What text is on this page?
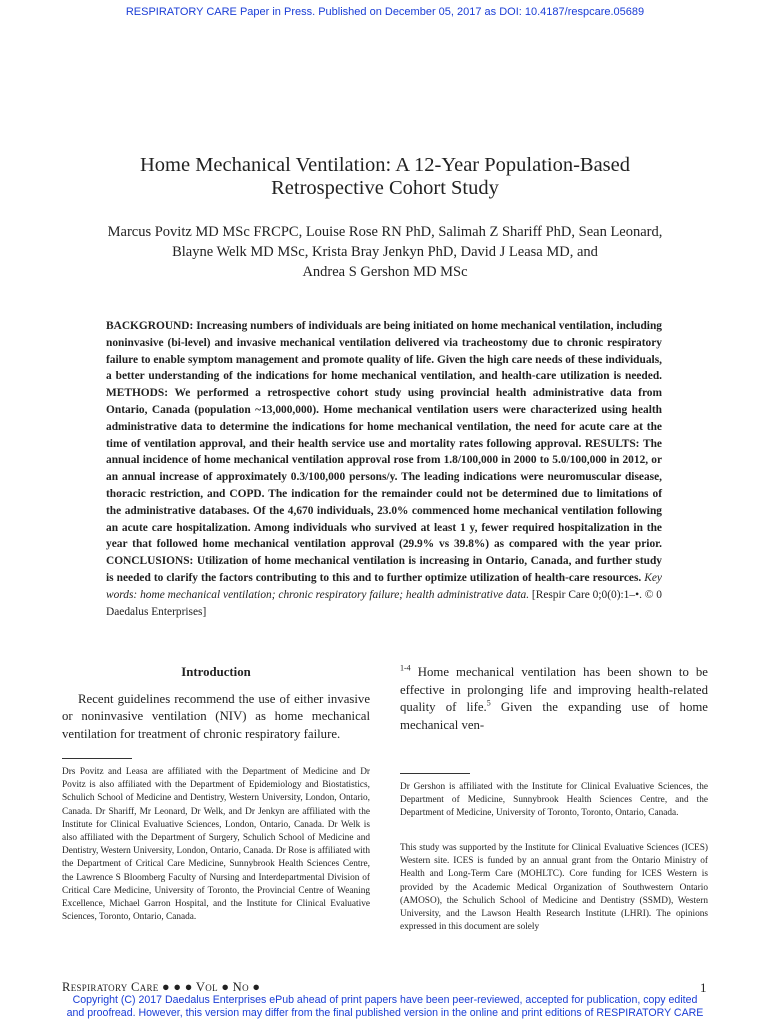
RESPIRATORY CARE Paper in Press. Published on December 05, 2017 as DOI: 10.4187/respcare.05689
Home Mechanical Ventilation: A 12-Year Population-Based
Retrospective Cohort Study
Marcus Povitz MD MSc FRCPC, Louise Rose RN PhD, Salimah Z Shariff PhD, Sean Leonard,
Blayne Welk MD MSc, Krista Bray Jenkyn PhD, David J Leasa MD, and
Andrea S Gershon MD MSc
BACKGROUND: Increasing numbers of individuals are being initiated on home mechanical ventilation, including noninvasive (bi-level) and invasive mechanical ventilation delivered via tracheostomy due to chronic respiratory failure to enable symptom management and promote quality of life. Given the high care needs of these individuals, a better understanding of the indications for home mechanical ventilation, and health-care utilization is needed. METHODS: We performed a retrospective cohort study using provincial health administrative data from Ontario, Canada (population ~13,000,000). Home mechanical ventilation users were characterized using health administrative data to determine the indications for home mechanical ventilation, the need for acute care at the time of ventilation approval, and their health service use and mortality rates following approval. RESULTS: The annual incidence of home mechanical ventilation approval rose from 1.8/100,000 in 2000 to 5.0/100,000 in 2012, or an annual increase of approximately 0.3/100,000 persons/y. The leading indications were neuromuscular disease, thoracic restriction, and COPD. The indication for the remainder could not be determined due to limitations of the administrative databases. Of the 4,670 individuals, 23.0% commenced home mechanical ventilation following an acute care hospitalization. Among individuals who survived at least 1 y, fewer required hospitalization in the year that followed home mechanical ventilation approval (29.9% vs 39.8%) as compared with the year prior. CONCLUSIONS: Utilization of home mechanical ventilation is increasing in Ontario, Canada, and further study is needed to clarify the factors contributing to this and to further optimize utilization of health-care resources. Key words: home mechanical ventilation; chronic respiratory failure; health administrative data. [Respir Care 0;0(0):1–•. © 0 Daedalus Enterprises]
Introduction

Recent guidelines recommend the use of either invasive or noninvasive ventilation (NIV) as home mechanical ventilation for treatment of chronic respiratory failure.

$^{1-4}$ Home mechanical ventilation has been shown to be effective in prolonging life and improving health-related quality of life.$^5$ Given the expanding use of home mechanical ven-

Drs Povitz and Leasa are affiliated with the Department of Medicine and Dr Povitz is also affiliated with the Department of Epidemiology and Biostatistics, Schulich School of Medicine and Dentistry, Western University, London, Ontario, Canada. Dr Shariff, Mr Leonard, Dr Welk, and Dr Jenkyn are affiliated with the Institute for Clinical Evaluative Sciences, London, Ontario, Canada. Dr Welk is also affiliated with the Department of Surgery, Schulich School of Medicine and Dentistry, Western University, London, Ontario, Canada. Dr Rose is affiliated with the Department of Critical Care Medicine, Sunnybrook Health Sciences Centre, the Lawrence S Bloomberg Faculty of Nursing and Interdepartmental Division of Critical Care Medicine, University of Toronto, the Provincial Centre of Weaning Excellence, Michael Garron Hospital, and the Institute for Clinical Evaluative Sciences, Toronto, Ontario, Canada.

Dr Gershon is affiliated with the Institute for Clinical Evaluative Sciences, the Department of Medicine, Sunnybrook Health Sciences Centre, and the Department of Medicine, University of Toronto, Toronto, Ontario, Canada.

This study was supported by the Institute for Clinical Evaluative Sciences (ICES) Western site. ICES is funded by an annual grant from the Ontario Ministry of Health and Long-Term Care (MOHLTC). Core funding for ICES Western is provided by the Academic Medical Organization of Southwestern Ontario (AMOSO), the Schulich School of Medicine and Dentistry (SSMD), Western University, and the Lawson Health Research Institute (LHRI). The opinions expressed in this document are solely

Respiratory Care ● ● ● Vol ● No ●	1
Copyright (C) 2017 Daedalus Enterprises ePub ahead of print papers have been peer-reviewed, accepted for publication, copy edited
and proofread. However, this version may differ from the final published version in the online and print editions of RESPIRATORY CARE
